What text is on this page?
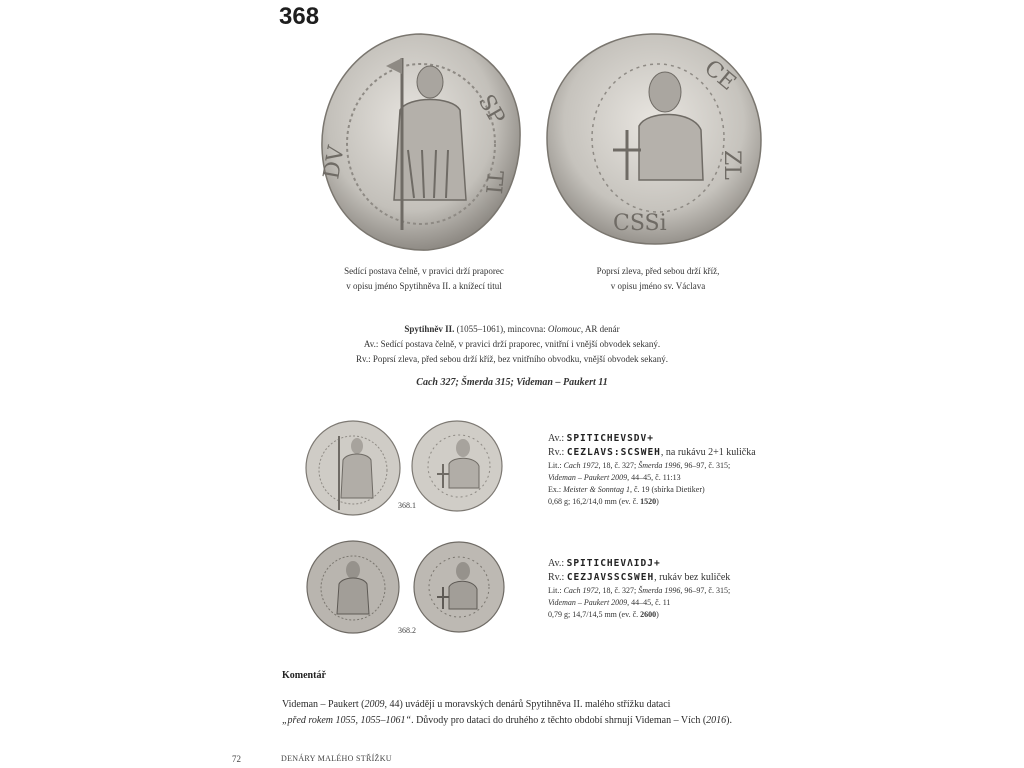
368
SP
TI
DV
CE
ZL
CSSi
Sedící postava čelně, v pravici drží praporec
v opisu jméno Spytihněva II. a knížecí titul
Poprsí zleva, před sebou drží kříž,
v opisu jméno sv. Václava
Spytihněv II. (1055–1061), mincovna: Olomouc, AR denár
Av.: Sedící postava čelně, v pravici drží praporec, vnitřní i vnější obvodek sekaný.
Rv.: Poprsí zleva, před sebou drží kříž, bez vnitřního obvodku, vnější obvodek sekaný.
Cach 327; Šmerda 315; Videman – Paukert 11
368.1
Av.: SPITICHEVSDV+
Rv.: CEZLAVS:SCSWEH, na rukávu 2+1 kulička
Lit.: Cach 1972, 18, č. 327; Šmerda 1996, 96–97, č. 315;
Videman – Paukert 2009, 44–45, č. 11:13
Ex.: Meister & Sonntag 1, č. 19 (sbírka Dietiker)
0,68 g; 16,2/14,0 mm (ev. č. 1520)
368.2
Av.: SPITICHEVΛIDJ+
Rv.: CEZJAVSSCSWEH, rukáv bez kuliček
Lit.: Cach 1972, 18, č. 327; Šmerda 1996, 96–97, č. 315;
Videman – Paukert 2009, 44–45, č. 11
0,79 g; 14,7/14,5 mm (ev. č. 2600)
Komentář
Videman – Paukert (2009, 44) uvádějí u moravských denárů Spytihněva II. malého střížku dataci
„před rokem 1055, 1055–1061“. Důvody pro dataci do druhého z těchto období shrnují Videman – Vích (2016).
72	DENÁRY MALÉHO STŘÍŽKU
